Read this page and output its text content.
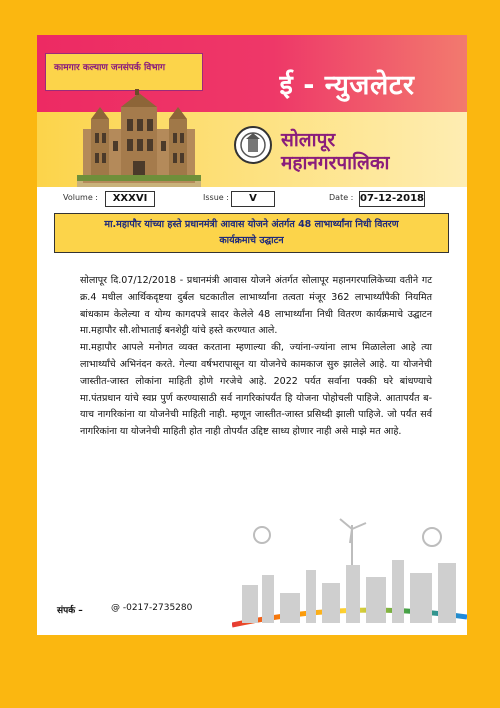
कामगार कल्याण जनसंपर्क विभाग
ई - न्युजलेटर
सोलापूर
महानगरपालिका
Volume :	XXXVI	Issue :	V	Date : 07-12-2018
मा.महापौर यांच्या हस्ते प्रधानमंत्री आवास योजने अंतर्गत 48 लाभार्थ्यांना निधी वितरण
कार्यक्रमाचे उद्घाटन

सोलापूर दि.07/12/2018 - प्रधानमंत्री आवास योजने अंतर्गत सोलापूर महानगरपालिकेच्या वतीने गट क्र.4 मधील आर्थिकदृष्टया दुर्बल घटकातील लाभार्थ्यांना तत्वता मंजूर 362 लाभार्थ्यांपैकी नियमित बांधकाम केलेल्या व योग्य कागदपत्रे सादर केलेले 48 लाभार्थ्यांना निधी वितरण कार्यक्रमाचे उद्घाटन मा.महापौर सौ.शोभाताई बनशेट्टी यांचे हस्ते करण्यात आले.

मा.महापौर आपले मनोगत व्यक्त करताना म्हणाल्या की, ज्यांना-ज्यांना लाभ मिळालेला आहे त्या लाभार्थ्यांचे अभिनंदन करते. गेल्या वर्षभरापासून या योजनेचे कामकाज सुरु झालेले आहे. या योजनेची जास्तीत-जास्त लोकांना माहिती होणे गरजेचे आहे. 2022 पर्यत सर्वाना पक्की घरे बांधण्याचे मा.पंतप्रधान यांचे स्वप्न पुर्ण करण्यासाठी सर्व नागरिकांपर्यंत हि योजना पोहोचली पाहिजे. आतापर्यंत ब-याच नागरिकांना या योजनेची माहिती नाही. म्हणून जास्तीत-जास्त प्रसिध्दी झाली पाहिजे. जो पर्यंत सर्व नागरिकांना या योजनेची माहिती होत नाही तोपर्यंत उद्दिष्ट साध्य होणार नाही असे माझे मत आहे.

संपर्क –	@ -0217-2735280
